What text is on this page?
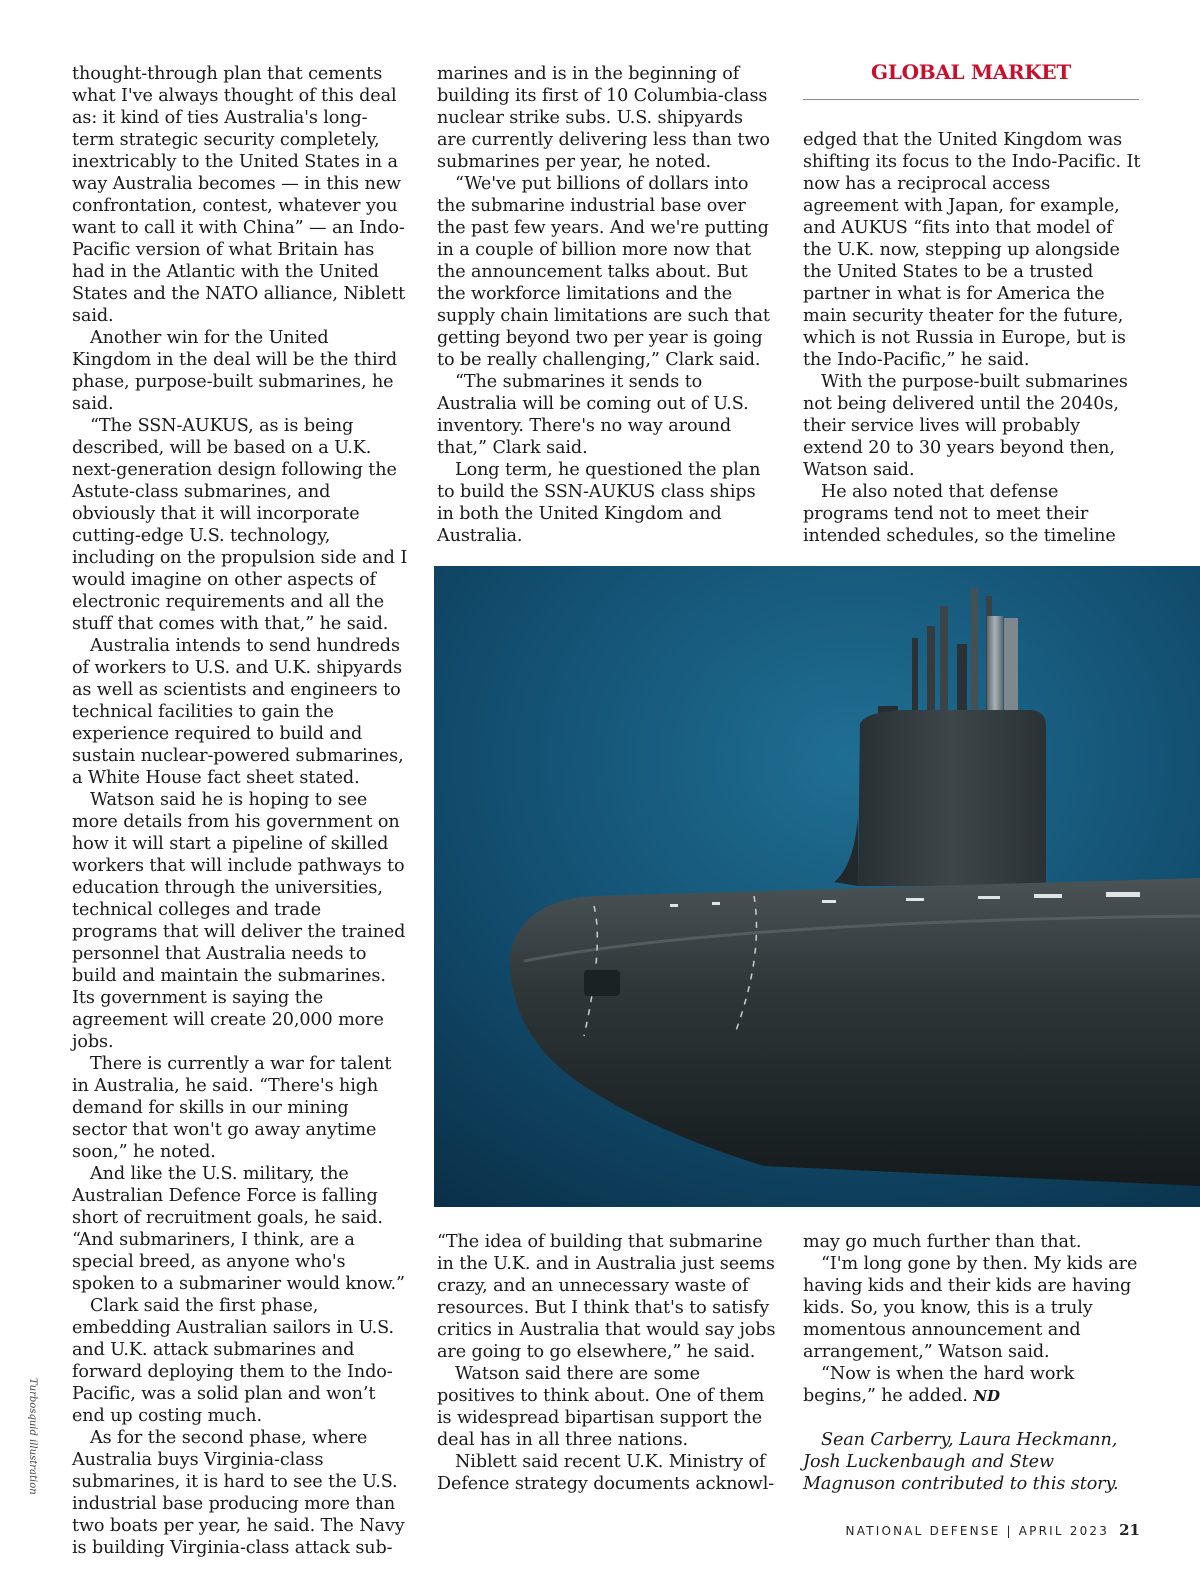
GLOBAL MARKET
Turbosquid illustration

thought-through plan that cements what I've always thought of this deal as: it kind of ties Australia's long-term strategic security completely, inextricably to the United States in a way Australia becomes — in this new confrontation, contest, whatever you want to call it with China” — an Indo-Pacific version of what Britain has had in the Atlantic with the United States and the NATO alliance, Niblett said.

Another win for the United Kingdom in the deal will be the third phase, purpose-built submarines, he said.

“The SSN-AUKUS, as is being described, will be based on a U.K. next-generation design following the Astute-class submarines, and obviously that it will incorporate cutting-edge U.S. technology, including on the propulsion side and I would imagine on other aspects of electronic requirements and all the stuff that comes with that,” he said.

Australia intends to send hundreds of workers to U.S. and U.K. shipyards as well as scientists and engineers to technical facilities to gain the experience required to build and sustain nuclear-powered submarines, a White House fact sheet stated.

Watson said he is hoping to see more details from his government on how it will start a pipeline of skilled workers that will include pathways to education through the universities, technical colleges and trade programs that will deliver the trained personnel that Australia needs to build and maintain the submarines. Its government is saying the agreement will create 20,000 more jobs.

There is currently a war for talent in Australia, he said. “There's high demand for skills in our mining sector that won't go away anytime soon,” he noted.

And like the U.S. military, the Australian Defence Force is falling short of recruitment goals, he said. “And submariners, I think, are a special breed, as anyone who's spoken to a submariner would know.”

Clark said the first phase, embedding Australian sailors in U.S. and U.K. attack submarines and forward deploying them to the Indo-Pacific, was a solid plan and won’t end up costing much.

As for the second phase, where Australia buys Virginia-class submarines, it is hard to see the U.S. industrial base producing more than two boats per year, he said. The Navy is building Virginia-class attack sub-

marines and is in the beginning of building its first of 10 Columbia-class nuclear strike subs. U.S. shipyards are currently delivering less than two submarines per year, he noted.

“We've put billions of dollars into the submarine industrial base over the past few years. And we're putting in a couple of billion more now that the announcement talks about. But the workforce limitations and the supply chain limitations are such that getting beyond two per year is going to be really challenging,” Clark said.

“The submarines it sends to Australia will be coming out of U.S. inventory. There's no way around that,” Clark said.

Long term, he questioned the plan to build the SSN-AUKUS class ships in both the United Kingdom and Australia.

edged that the United Kingdom was shifting its focus to the Indo-Pacific. It now has a reciprocal access agreement with Japan, for example, and AUKUS “fits into that model of the U.K. now, stepping up alongside the United States to be a trusted partner in what is for America the main security theater for the future, which is not Russia in Europe, but is the Indo-Pacific,” he said.

With the purpose-built submarines not being delivered until the 2040s, their service lives will probably extend 20 to 30 years beyond then, Watson said.

He also noted that defense programs tend not to meet their intended schedules, so the timeline

“The idea of building that submarine in the U.K. and in Australia just seems crazy, and an unnecessary waste of resources. But I think that's to satisfy critics in Australia that would say jobs are going to go elsewhere,” he said.

Watson said there are some positives to think about. One of them is widespread bipartisan support the deal has in all three nations.

Niblett said recent U.K. Ministry of Defence strategy documents acknowl-

may go much further than that.

“I'm long gone by then. My kids are having kids and their kids are having kids. So, you know, this is a truly momentous announcement and arrangement,” Watson said.

“Now is when the hard work begins,” he added. ND

Sean Carberry, Laura Heckmann, Josh Luckenbaugh and Stew Magnuson contributed to this story.

NATIONAL DEFENSE | APRIL 2023 21
